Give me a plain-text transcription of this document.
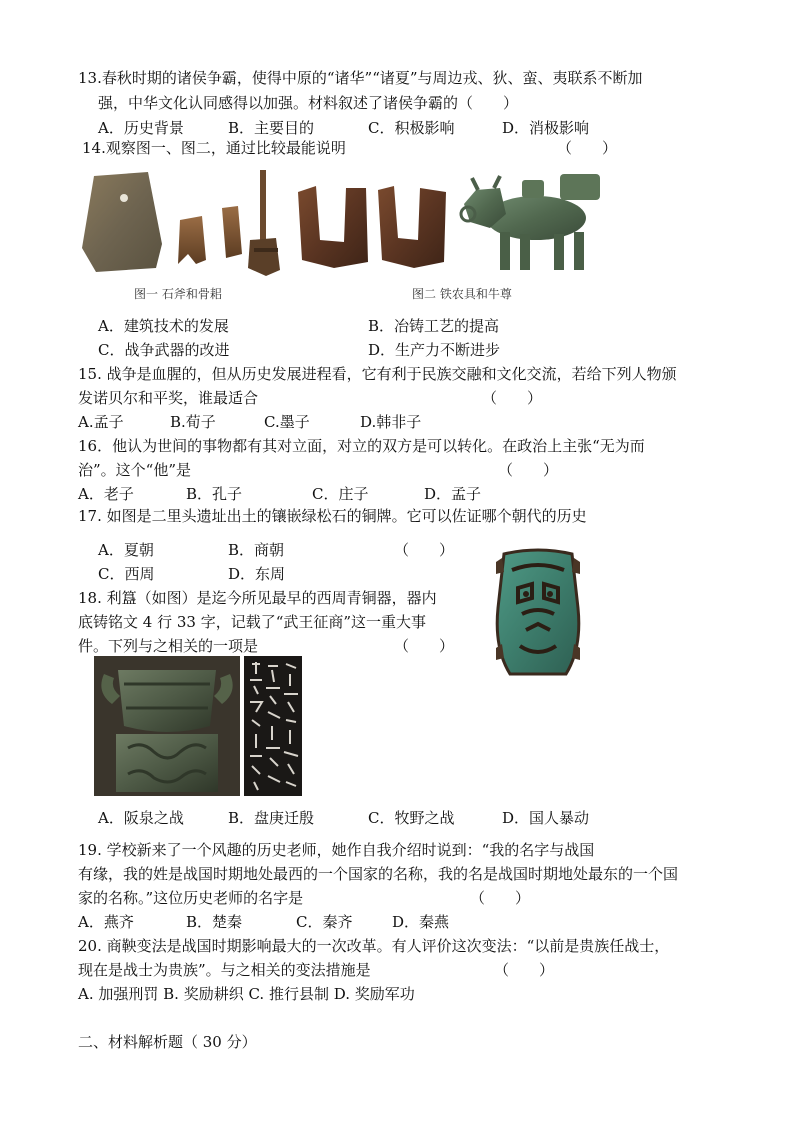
13.春秋时期的诸侯争霸，使得中原的“诸华”“诸夏”与周边戎、狄、蛮、夷联系不断加
强，中华文化认同感得以加强。材料叙述了诸侯争霸的（　　）
A．历史背景	B．主要目的	C．积极影响	D．消极影响
14.观察图一、图二，通过比较最能说明	（　　）
图一 石斧和骨耜	图二 铁农具和牛尊
A．建筑技术的发展	B．冶铸工艺的提高
C．战争武器的改进	D．生产力不断进步
15. 战争是血腥的，但从历史发展进程看，它有利于民族交融和文化交流，若给下列人物颁
发诺贝尔和平奖，谁最适合	（　　）
A.孟子	B.荀子	C.墨子	D.韩非子
16．他认为世间的事物都有其对立面，对立的双方是可以转化。在政治上主张“无为而
治”。这个“他”是	（　　）
A．老子	B．孔子	C．庄子	D．孟子
17. 如图是二里头遗址出土的镶嵌绿松石的铜牌。它可以佐证哪个朝代的历史
A．夏朝	B．商朝	（　　）
C．西周	D．东周
18. 利簋（如图）是迄今所见最早的西周青铜器，器内
底铸铭文 4 行 33 字，记载了“武王征商”这一重大事
件。下列与之相关的一项是	（　　）
A．阪泉之战	B．盘庚迁殷	C．牧野之战	D．国人暴动
19. 学校新来了一个风趣的历史老师，她作自我介绍时说到：“我的名字与战国
有缘，我的姓是战国时期地处最西的一个国家的名称，我的名是战国时期地处最东的一个国
家的名称。”这位历史老师的名字是	（　　）
A．燕齐	B．楚秦	C．秦齐	D．秦燕
20. 商鞅变法是战国时期影响最大的一次改革。有人评价这次变法：“以前是贵族任战士，
现在是战士为贵族”。与之相关的变法措施是	（　　）
A. 加强刑罚 B. 奖励耕织 C. 推行县制 D. 奖励军功
二、材料解析题（ 30 分）
